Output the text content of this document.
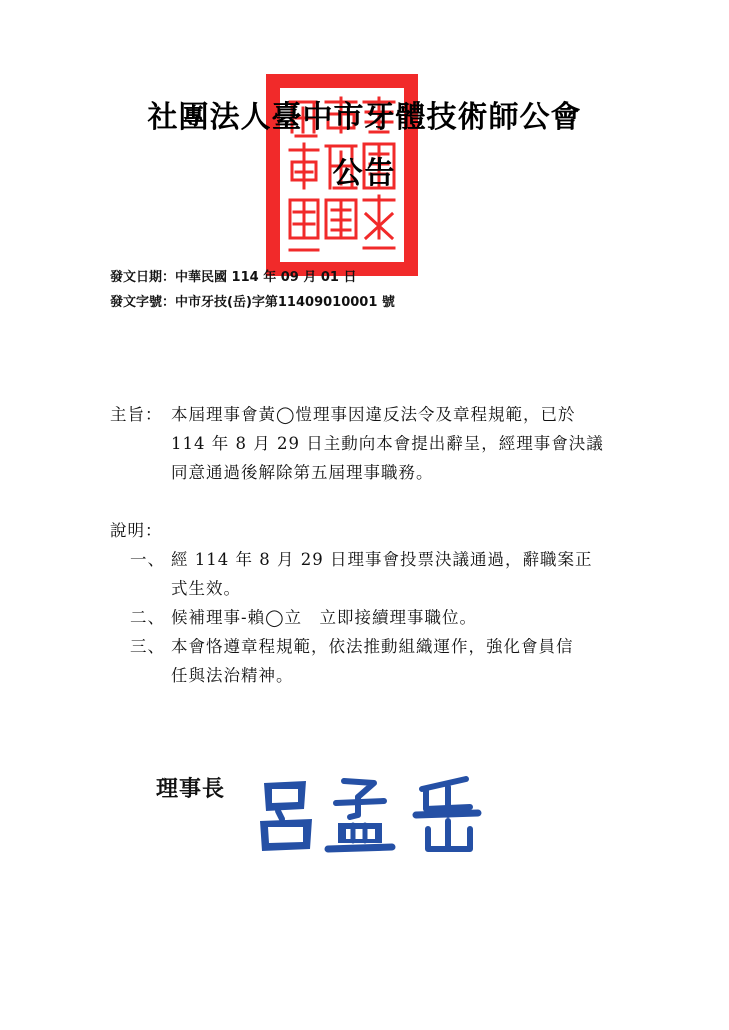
社團法人臺中市牙體技術師公會
公告
發文日期：中華民國 114 年 09 月 01 日
發文字號：中市牙技(岳)字第11409010001 號
主旨： 本屆理事會黃◯愷理事因違反法令及章程規範，已於
114 年 8 月 29 日主動向本會提出辭呈，經理事會決議
同意通過後解除第五屆理事職務。
說明：
一、 經 114 年 8 月 29 日理事會投票決議通過，辭職案正
式生效。
二、 候補理事-賴◯立　立即接續理事職位。
三、 本會恪遵章程規範，依法推動組織運作，強化會員信
任與法治精神。
理事長
